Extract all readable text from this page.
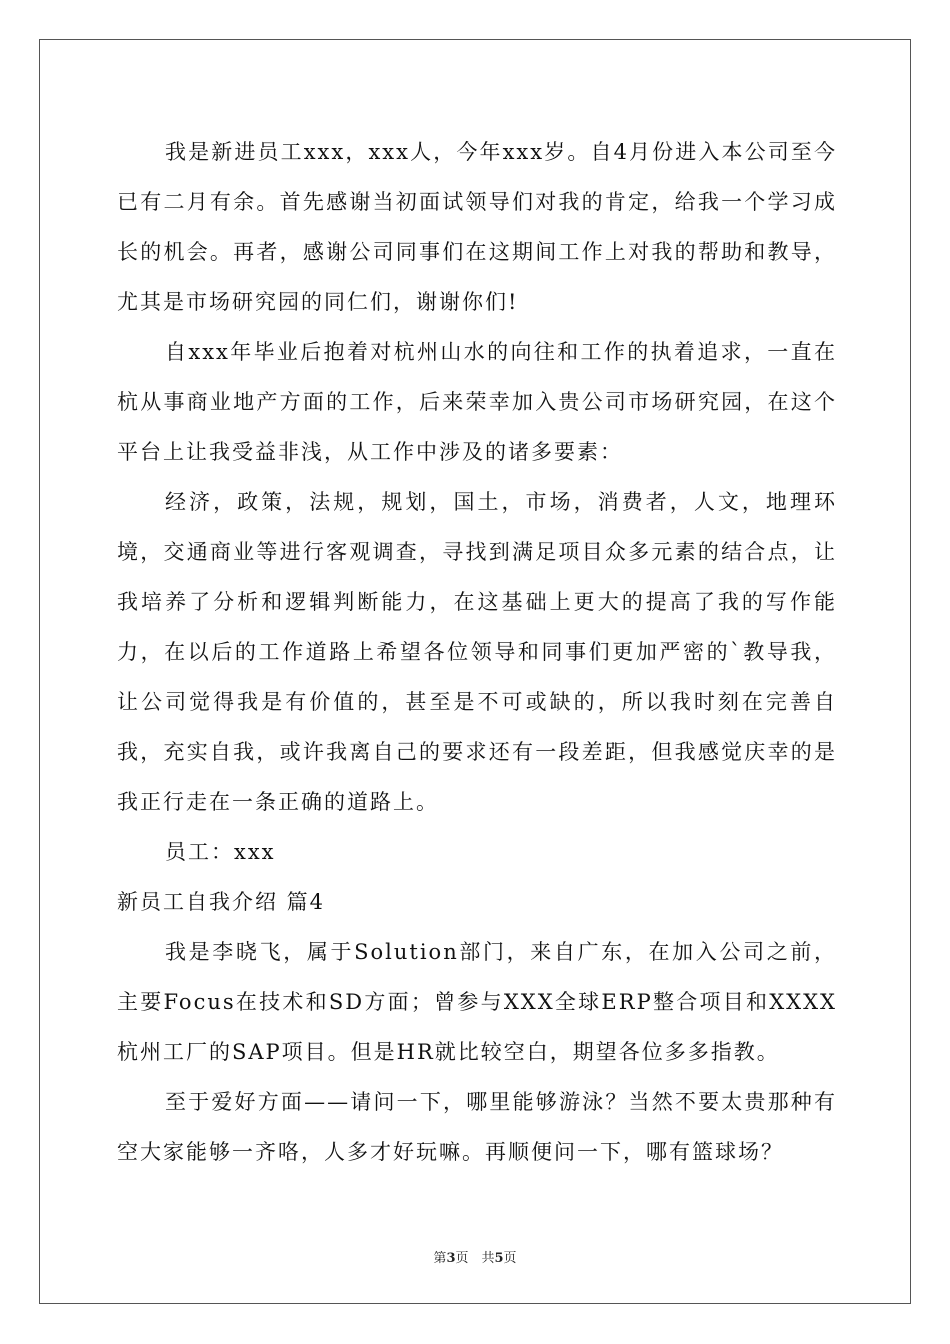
我是新进员工xxx，xxx人，今年xxx岁。自4月份进入本公司至今已有二月有余。首先感谢当初面试领导们对我的肯定，给我一个学习成长的机会。再者，感谢公司同事们在这期间工作上对我的帮助和教导，尤其是市场研究园的同仁们，谢谢你们!

自xxx年毕业后抱着对杭州山水的向往和工作的执着追求，一直在杭从事商业地产方面的工作，后来荣幸加入贵公司市场研究园，在这个平台上让我受益非浅，从工作中涉及的诸多要素：

经济，政策，法规，规划，国土，市场，消费者，人文，地理环境，交通商业等进行客观调查，寻找到满足项目众多元素的结合点，让我培养了分析和逻辑判断能力，在这基础上更大的提高了我的写作能力，在以后的工作道路上希望各位领导和同事们更加严密的`教导我，让公司觉得我是有价值的，甚至是不可或缺的，所以我时刻在完善自我，充实自我，或许我离自己的要求还有一段差距，但我感觉庆幸的是我正行走在一条正确的道路上。

员工：xxx

新员工自我介绍 篇4

我是李晓飞，属于Solution部门，来自广东，在加入公司之前，主要Focus在技术和SD方面；曾参与XXX全球ERP整合项目和XXXX杭州工厂的SAP项目。但是HR就比较空白，期望各位多多指教。

至于爱好方面——请问一下，哪里能够游泳？当然不要太贵那种有空大家能够一齐咯，人多才好玩嘛。再顺便问一下，哪有篮球场？

第3页　共5页
